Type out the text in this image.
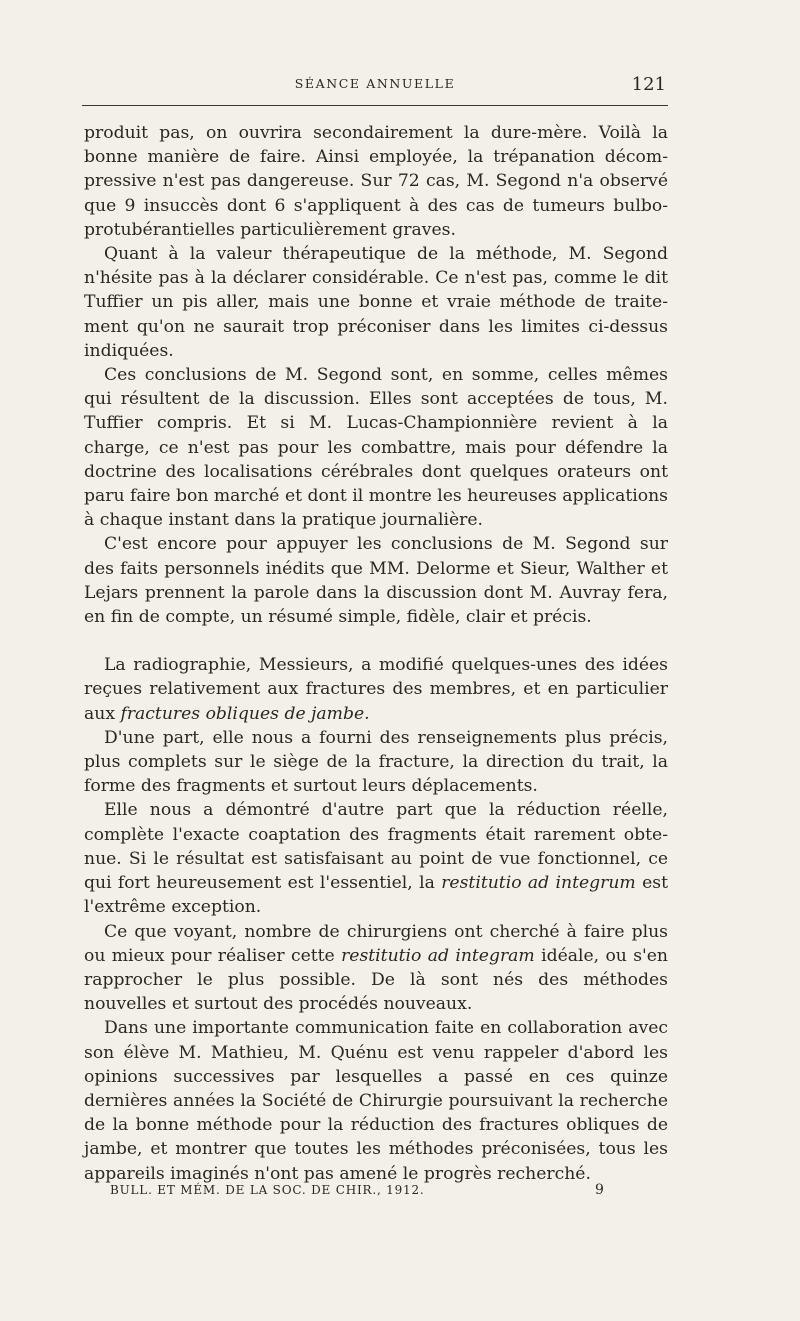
SÉANCE ANNUELLE	121

produit pas, on ouvrira secondairement la dure-mère. Voilà la bonne manière de faire. Ainsi employée, la trépanation décompressive n'est pas dangereuse. Sur 72 cas, M. Segond n'a observé que 9 insuccès dont 6 s'appliquent à des cas de tumeurs bulboprotubérantielles particulièrement graves.

Quant à la valeur thérapeutique de la méthode, M. Segond n'hésite pas à la déclarer considérable. Ce n'est pas, comme le dit Tuffier un pis aller, mais une bonne et vraie méthode de traitement qu'on ne saurait trop préconiser dans les limites ci-dessus indiquées.

Ces conclusions de M. Segond sont, en somme, celles mêmes qui résultent de la discussion. Elles sont acceptées de tous, M. Tuffier compris. Et si M. Lucas-Championnière revient à la charge, ce n'est pas pour les combattre, mais pour défendre la doctrine des localisations cérébrales dont quelques orateurs ont paru faire bon marché et dont il montre les heureuses applications à chaque instant dans la pratique journalière.

C'est encore pour appuyer les conclusions de M. Segond sur des faits personnels inédits que MM. Delorme et Sieur, Walther et Lejars prennent la parole dans la discussion dont M. Auvray fera, en fin de compte, un résumé simple, fidèle, clair et précis.

La radiographie, Messieurs, a modifié quelques-unes des idées reçues relativement aux fractures des membres, et en particulier aux fractures obliques de jambe.

D'une part, elle nous a fourni des renseignements plus précis, plus complets sur le siège de la fracture, la direction du trait, la forme des fragments et surtout leurs déplacements.

Elle nous a démontré d'autre part que la réduction réelle, complète l'exacte coaptation des fragments était rarement obtenue. Si le résultat est satisfaisant au point de vue fonctionnel, ce qui fort heureusement est l'essentiel, la restitutio ad integrum est l'extrême exception.

Ce que voyant, nombre de chirurgiens ont cherché à faire plus ou mieux pour réaliser cette restitutio ad integram idéale, ou s'en rapprocher le plus possible. De là sont nés des méthodes nouvelles et surtout des procédés nouveaux.

Dans une importante communication faite en collaboration avec son élève M. Mathieu, M. Quénu est venu rappeler d'abord les opinions successives par lesquelles a passé en ces quinze dernières années la Société de Chirurgie poursuivant la recherche de la bonne méthode pour la réduction des fractures obliques de jambe, et montrer que toutes les méthodes préconisées, tous les appareils imaginés n'ont pas amené le progrès recherché.

BULL. ET MÉM. DE LA SOC. DE CHIR., 1912.	9
